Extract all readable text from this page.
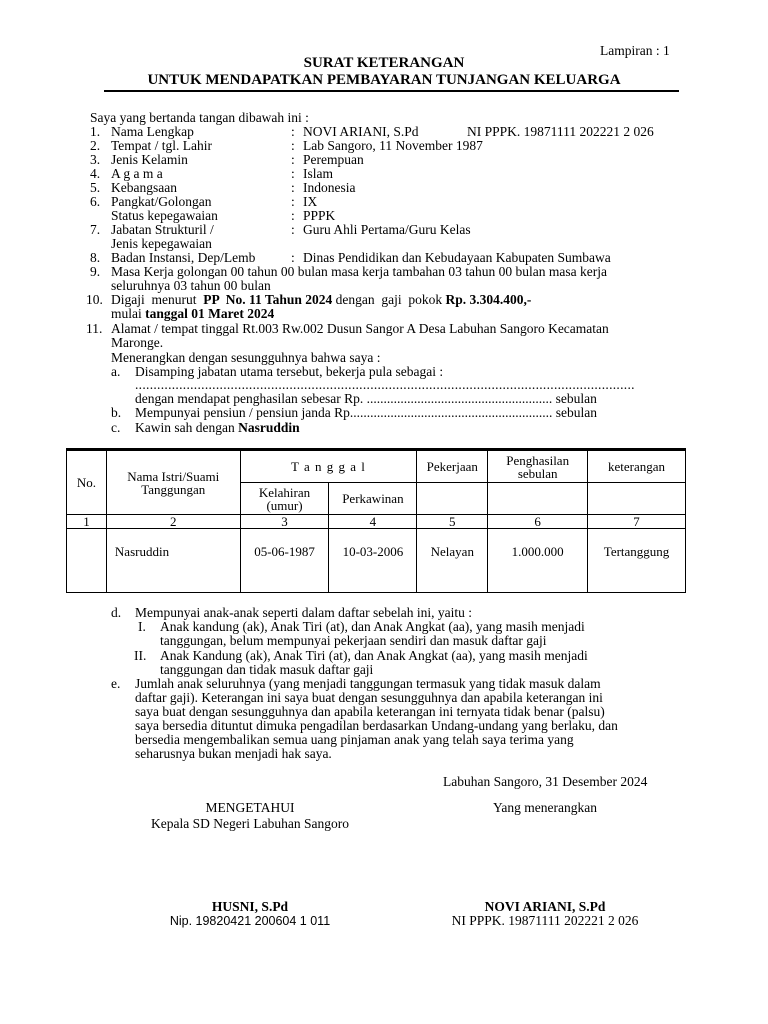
Lampiran : 1
SURAT KETERANGAN
UNTUK MENDAPATKAN PEMBAYARAN TUNJANGAN KELUARGA
Saya yang bertanda tangan dibawah ini :
1. Nama Lengkap	: NOVI ARIANI, S.Pd	NI PPPK. 19871111 202221 2 026
2. Tempat / tgl. Lahir	: Lab Sangoro, 11 November 1987
3. Jenis Kelamin	: Perempuan
4. A g a m a	: Islam
5. Kebangsaan	: Indonesia
6. Pangkat/Golongan	: IX
Status kepegawaian	: PPPK
7. Jabatan Strukturil /	: Guru Ahli Pertama/Guru Kelas
Jenis kepegawaian
8. Badan Instansi, Dep/Lemb	: Dinas Pendidikan dan Kebudayaan Kabupaten Sumbawa
9. Masa Kerja golongan 00 tahun 00 bulan masa kerja tambahan 03 tahun 00 bulan masa kerja
seluruhnya 03 tahun 00 bulan
10. Digaji  menurut  PP  No. 11 Tahun 2024 dengan  gaji  pokok Rp. 3.304.400,-
mulai tanggal 01 Maret 2024
11. Alamat / tempat tinggal Rt.003 Rw.002 Dusun Sangor A Desa Labuhan Sangoro Kecamatan
Maronge.
Menerangkan dengan sesungguhnya bahwa saya :
a. Disamping jabatan utama tersebut, bekerja pula sebagai :
........................................................................................................................................
dengan mendapat penghasilan sebesar Rp. ....................................................... sebulan
b. Mempunyai pensiun / pensiun janda Rp............................................................ sebulan
c. Kawin sah dengan Nasruddin
No.	Nama Istri/Suami Tanggungan	T a n g g a l		Pekerjaan	Penghasilan sebulan	keterangan
		Kelahiran (umur)	Perkawinan			
1	2	3	4	5	6	7
	Nasruddin	05-06-1987	10-03-2006	Nelayan	1.000.000	Tertanggung
d. Mempunyai anak-anak seperti dalam daftar sebelah ini, yaitu :
I. Anak kandung (ak), Anak Tiri (at), dan Anak Angkat (aa), yang masih menjadi
tanggungan, belum mempunyai pekerjaan sendiri dan masuk daftar gaji
II. Anak Kandung (ak), Anak Tiri (at), dan Anak Angkat (aa), yang masih menjadi
tanggungan dan tidak masuk daftar gaji
e. Jumlah anak seluruhnya (yang menjadi tanggungan termasuk yang tidak masuk dalam
daftar gaji). Keterangan ini saya buat dengan sesungguhnya dan apabila keterangan ini
saya buat dengan sesungguhnya dan apabila keterangan ini ternyata tidak benar (palsu)
saya bersedia dituntut dimuka pengadilan berdasarkan Undang-undang yang berlaku, dan
bersedia mengembalikan semua uang pinjaman anak yang telah saya terima yang
seharusnya bukan menjadi hak saya.
Labuhan Sangoro, 31 Desember 2024
MENGETAHUI
Kepala SD Negeri Labuhan Sangoro
HUSNI, S.Pd
Nip. 19820421 200604 1 011
Yang menerangkan
NOVI ARIANI, S.Pd
NI PPPK. 19871111 202221 2 026
